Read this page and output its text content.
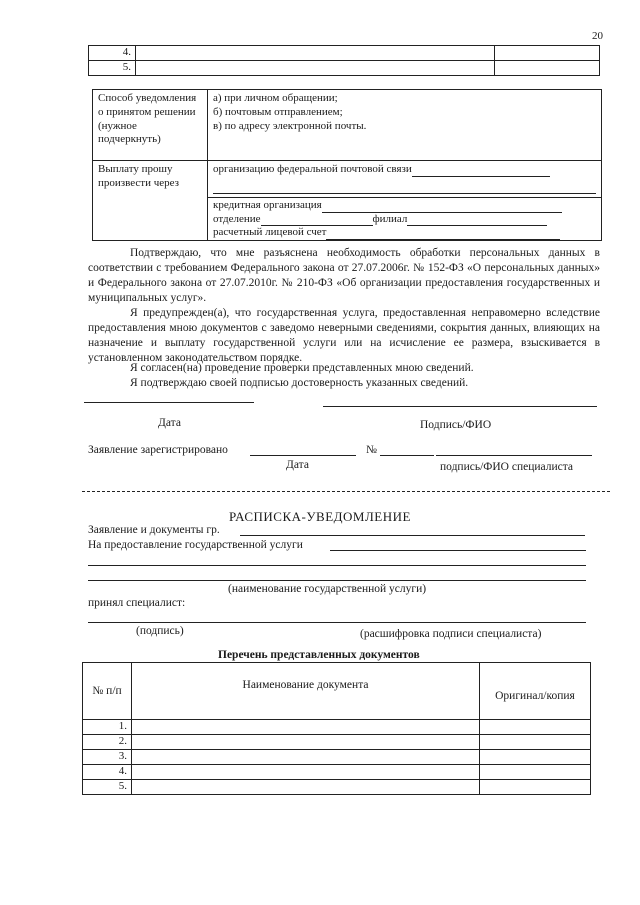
20
4.		
5.		
Способ уведомления о принятом решении (нужное подчеркнуть)	а) при личном обращении;
б) почтовым отправлением;
в) по адресу электронной почты.

Выплату прошу произвести через	организацию федеральной почтовой связи
кредитная организация
отделение филиал
расчетный лицевой счет
Подтверждаю, что мне разъяснена необходимость обработки персональных данных в соответствии с требованием Федерального закона от 27.07.2006г. № 152-ФЗ «О персональных данных» и Федерального закона от 27.07.2010г. № 210-ФЗ «Об организации предоставления государственных и муниципальных услуг».
Я предупрежден(а), что государственная услуга, предоставленная неправомерно вследствие предоставления мною документов с заведомо неверными сведениями, сокрытия данных, влияющих на назначение и выплату государственной услуги или на исчисление ее размера, взыскивается в установленном законодательством порядке.
Я согласен(на) проведение проверки представленных мною сведений.
Я подтверждаю своей подписью достоверность указанных сведений.
Дата	Подпись/ФИО
Заявление зарегистрировано	№
Дата	подпись/ФИО специалиста
РАСПИСКА-УВЕДОМЛЕНИЕ
Заявление и документы гр.
На предоставление государственной услуги
(наименование государственной услуги)
принял специалист:
(подпись)	(расшифровка подписи специалиста)
Перечень представленных документов
№ п/п	Наименование документа	Оригинал/копия
1.		
2.		
3.		
4.		
5.		
